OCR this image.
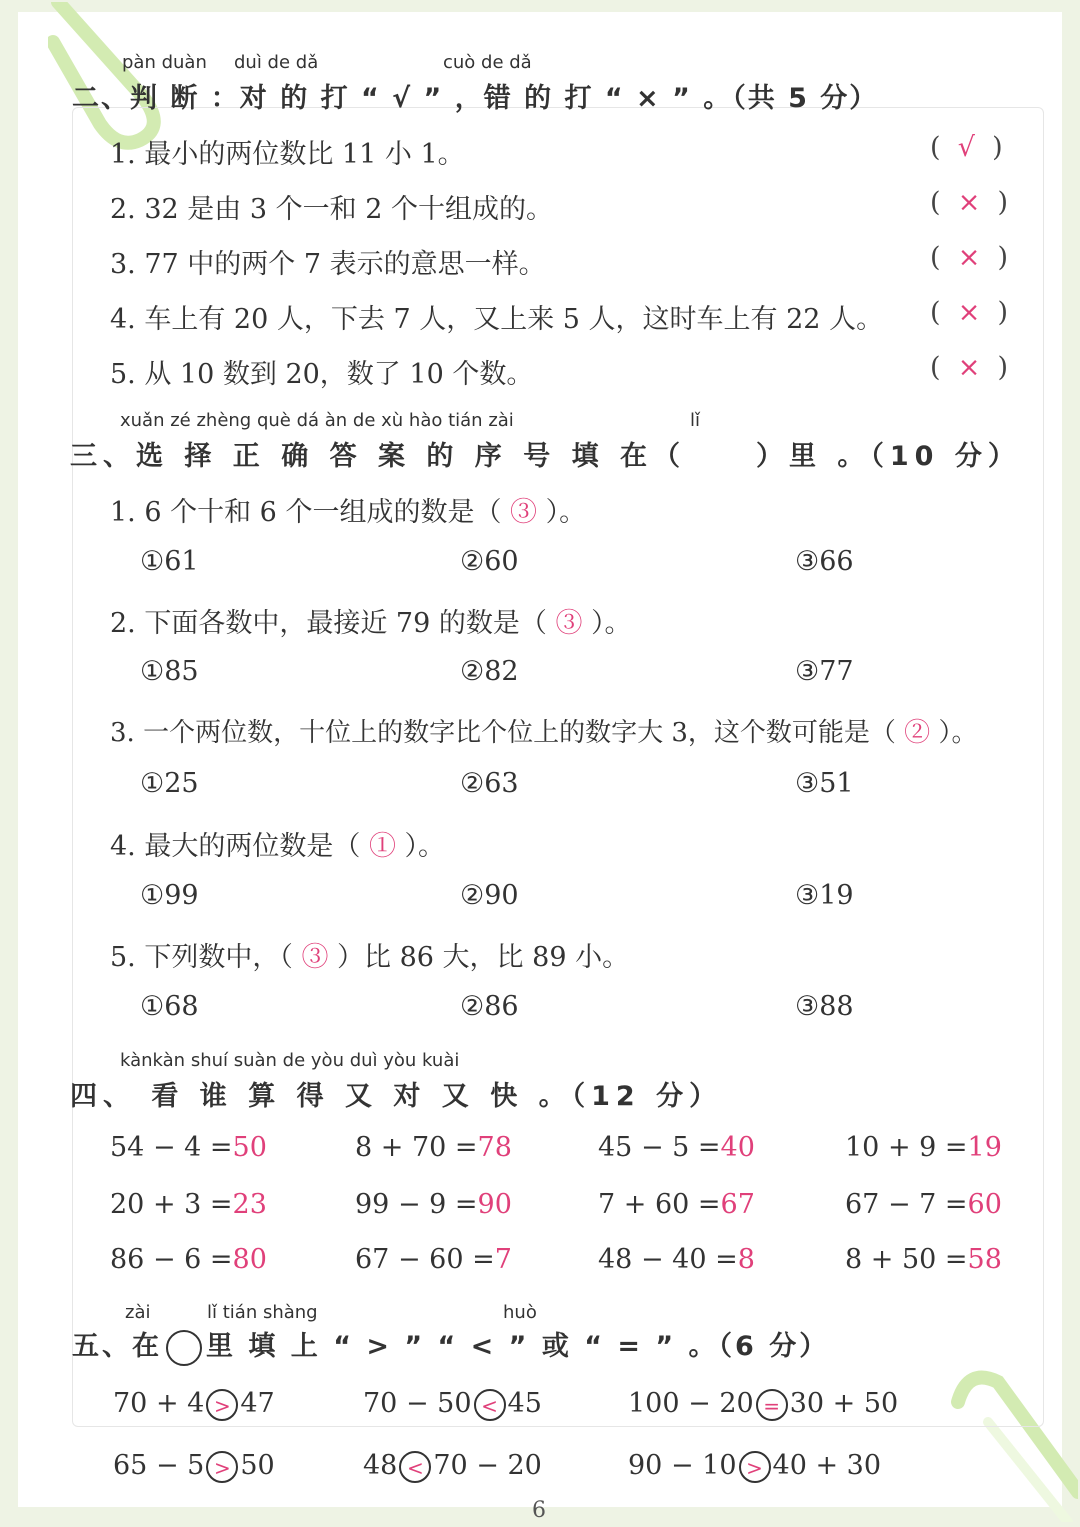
pàn duàn duì de dǎ	cuò de dǎ
二、判 断 ：对 的 打 “ √ ” ，错 的 打 “ × ” 。（共 5 分）
1. 最小的两位数比 11 小 1。	(  √  )
2. 32 是由 3 个一和 2 个十组成的。	(  ×  )
3. 77 中的两个 7 表示的意思一样。	(  ×  )
4. 车上有 20 人，下去 7 人，又上来 5 人，这时车上有 22 人。 (  ×  )
5. 从 10 数到 20，数了 10 个数。	(  ×  )
xuǎn zé zhèng què dá àn de xù hào tián zài	lǐ
三、选 择 正 确 答 案 的 序 号 填 在（	）里 。（10 分）
1. 6 个十和 6 个一组成的数是（ ③ ）。
①61	②60	③66
2. 下面各数中，最接近 79 的数是（ ③ ）。
①85	②82	③77
3. 一个两位数，十位上的数字比个位上的数字大 3，这个数可能是（ ② ）。
①25	②63	③51
4. 最大的两位数是（ ① ）。
①99	②90	③19
5. 下列数中，（ ③ ）比 86 大，比 89 小。
①68	②86	③88
kànkàn shuí suàn de yòu duì yòu kuài
四、 看 谁 算 得 又 对 又 快 。（12 分）
54 − 4 =50	8 + 70 =78	45 − 5 =40	10 + 9 =19
20 + 3 =23	99 − 9 =90	7 + 60 =67	67 − 7 =60
86 − 6 =80	67 − 60 =7	48 − 40 =8	8 + 50 =58
zài	lǐ tián shàng	huò
五、在 里 填 上 “ > ” “ < ” 或 “ = ” 。（6 分）
70 + 4 > 47	70 − 50 < 45	100 − 20 = 30 + 50
65 − 5 > 50	48 < 70 − 20	90 − 10 > 40 + 30
6
